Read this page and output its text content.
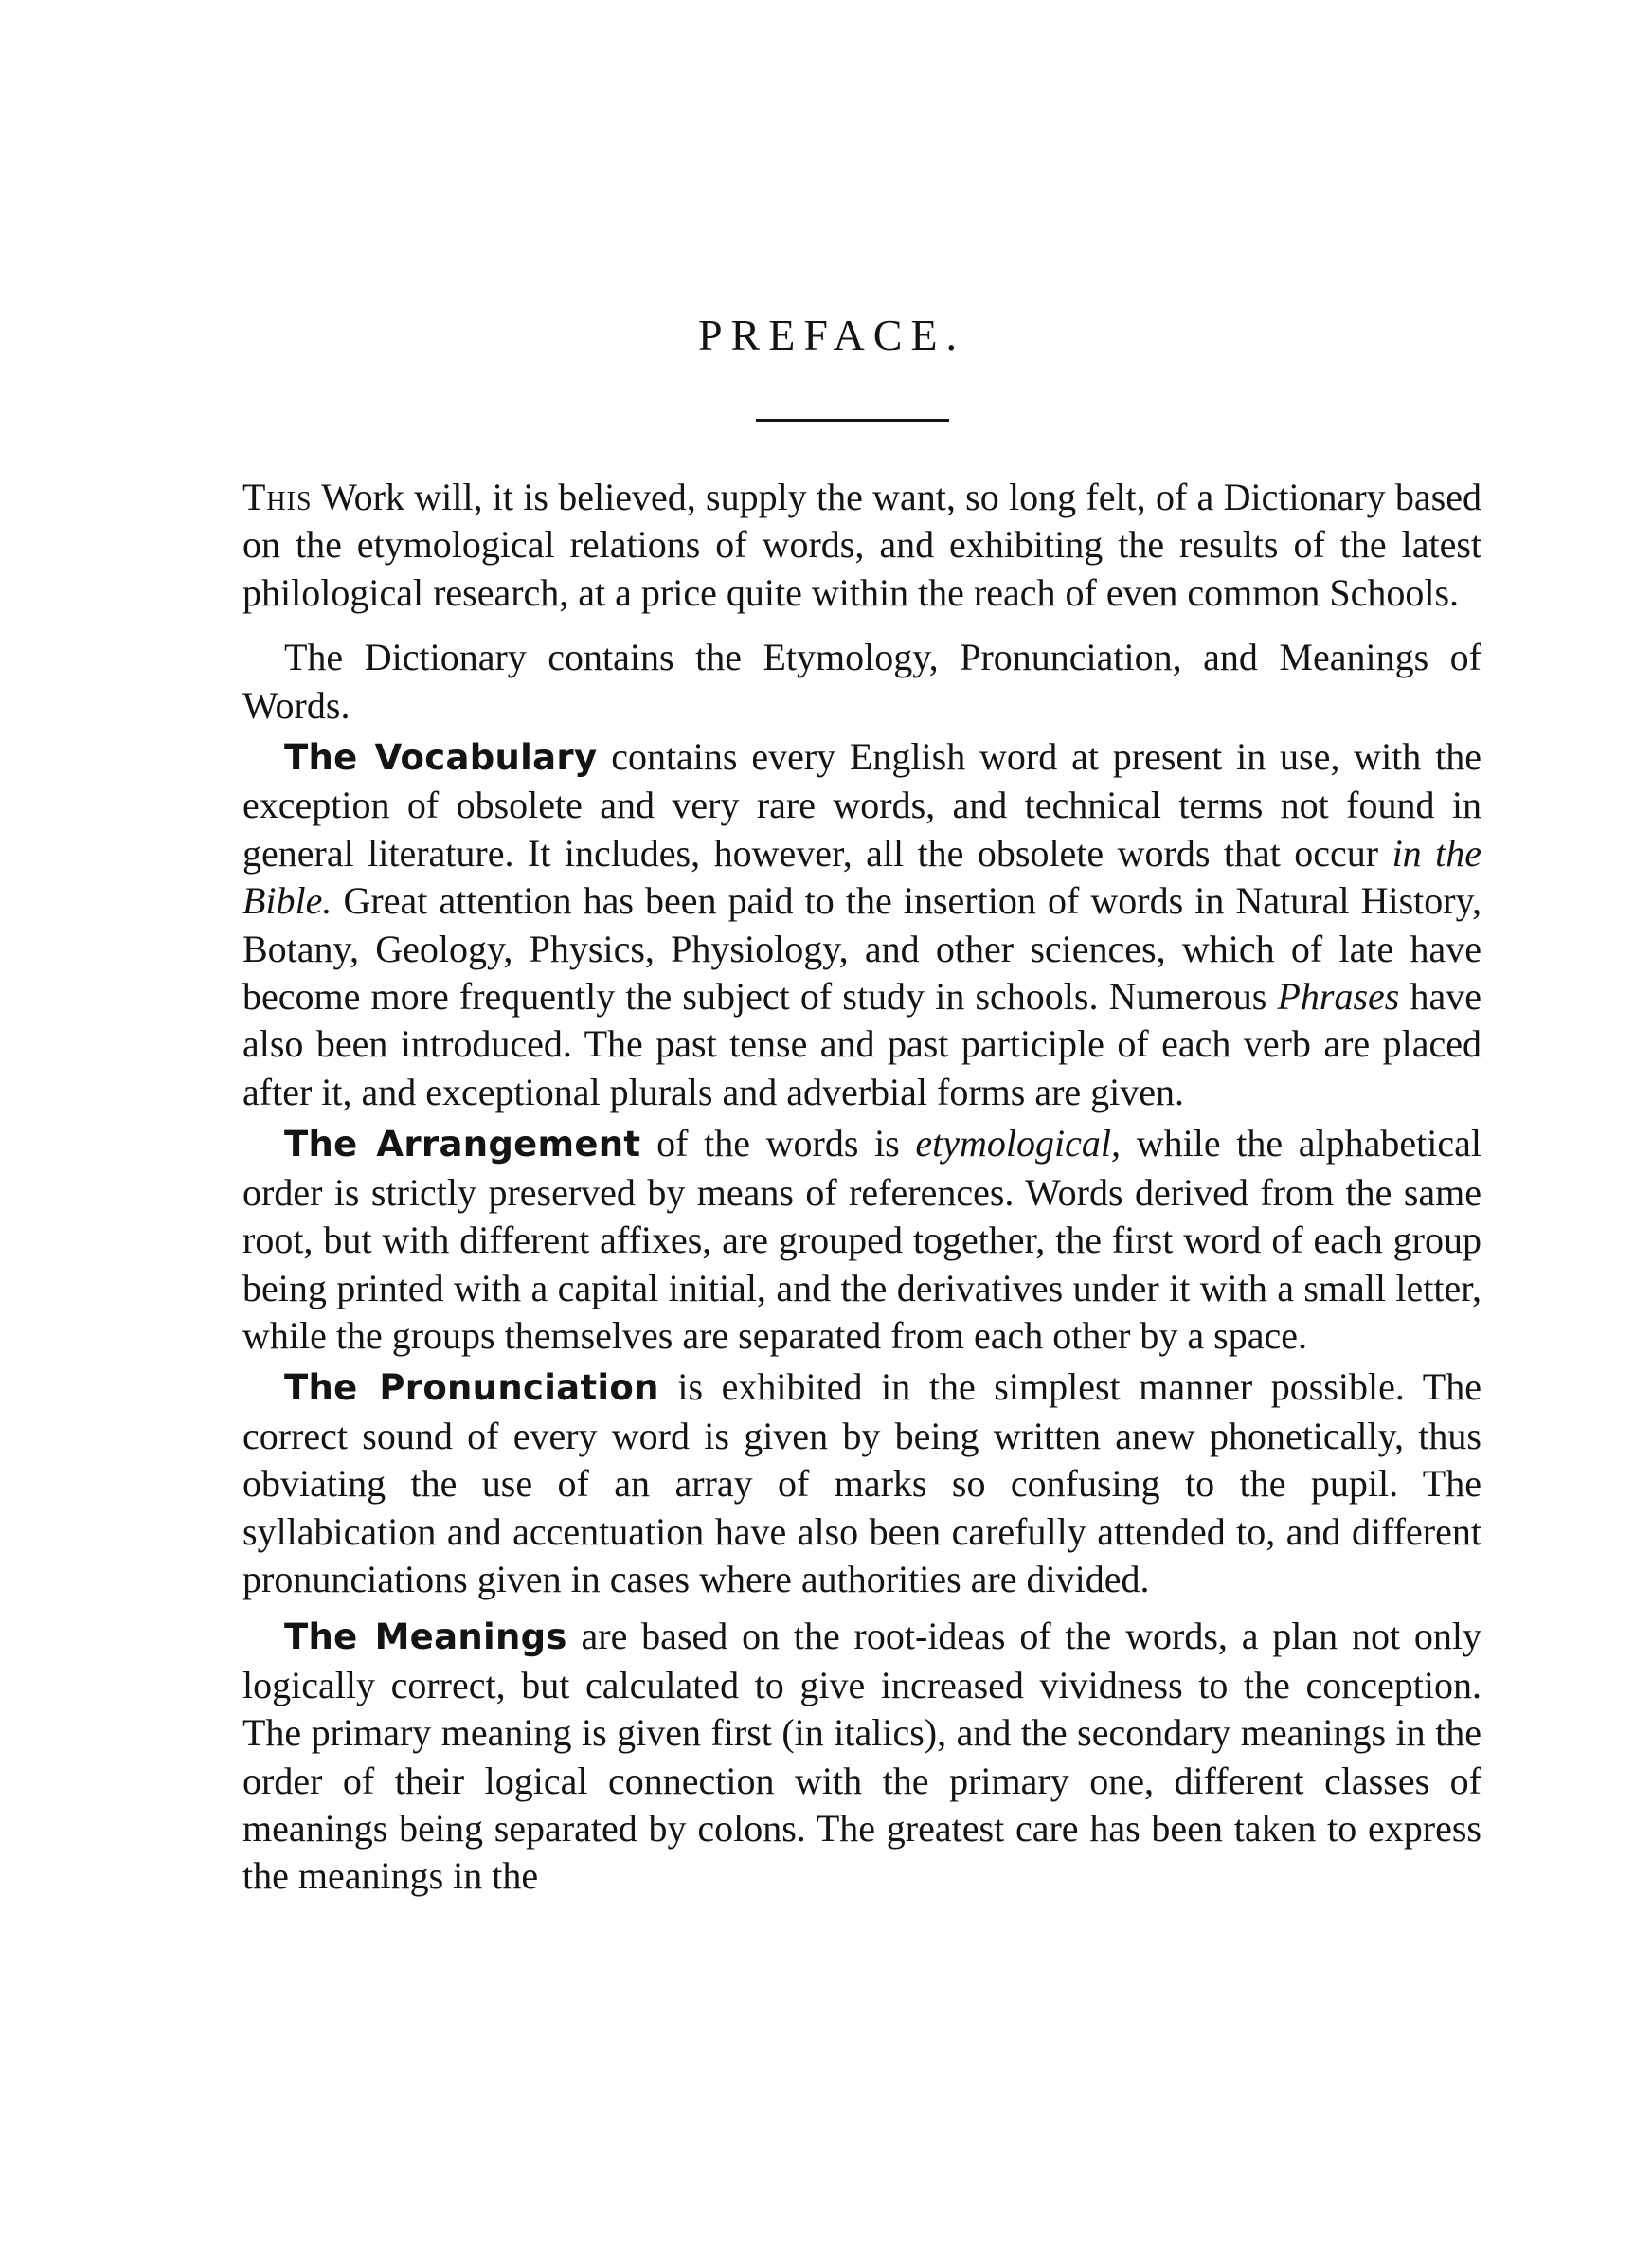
PREFACE.

This Work will, it is believed, supply the want, so long felt, of a Dictionary based on the etymological relations of words, and exhibiting the results of the latest philological research, at a price quite within the reach of even common Schools.

The Dictionary contains the Etymology, Pronunciation, and Meanings of Words.

The Vocabulary contains every English word at present in use, with the exception of obsolete and very rare words, and technical terms not found in general literature. It includes, however, all the obsolete words that occur in the Bible. Great attention has been paid to the insertion of words in Natural History, Botany, Geology, Physics, Physiology, and other sciences, which of late have become more frequently the subject of study in schools. Numerous Phrases have also been introduced. The past tense and past participle of each verb are placed after it, and exceptional plurals and adverbial forms are given.

The Arrangement of the words is etymological, while the alphabetical order is strictly preserved by means of references. Words derived from the same root, but with different affixes, are grouped together, the first word of each group being printed with a capital initial, and the derivatives under it with a small letter, while the groups themselves are separated from each other by a space.

The Pronunciation is exhibited in the simplest manner possible. The correct sound of every word is given by being written anew phonetically, thus obviating the use of an array of marks so confusing to the pupil. The syllabication and accentuation have also been carefully attended to, and different pronunciations given in cases where authorities are divided.

The Meanings are based on the root-ideas of the words, a plan not only logically correct, but calculated to give increased vividness to the conception. The primary meaning is given first (in italics), and the secondary meanings in the order of their logical connection with the primary one, different classes of meanings being separated by colons. The greatest care has been taken to express the meanings in the
